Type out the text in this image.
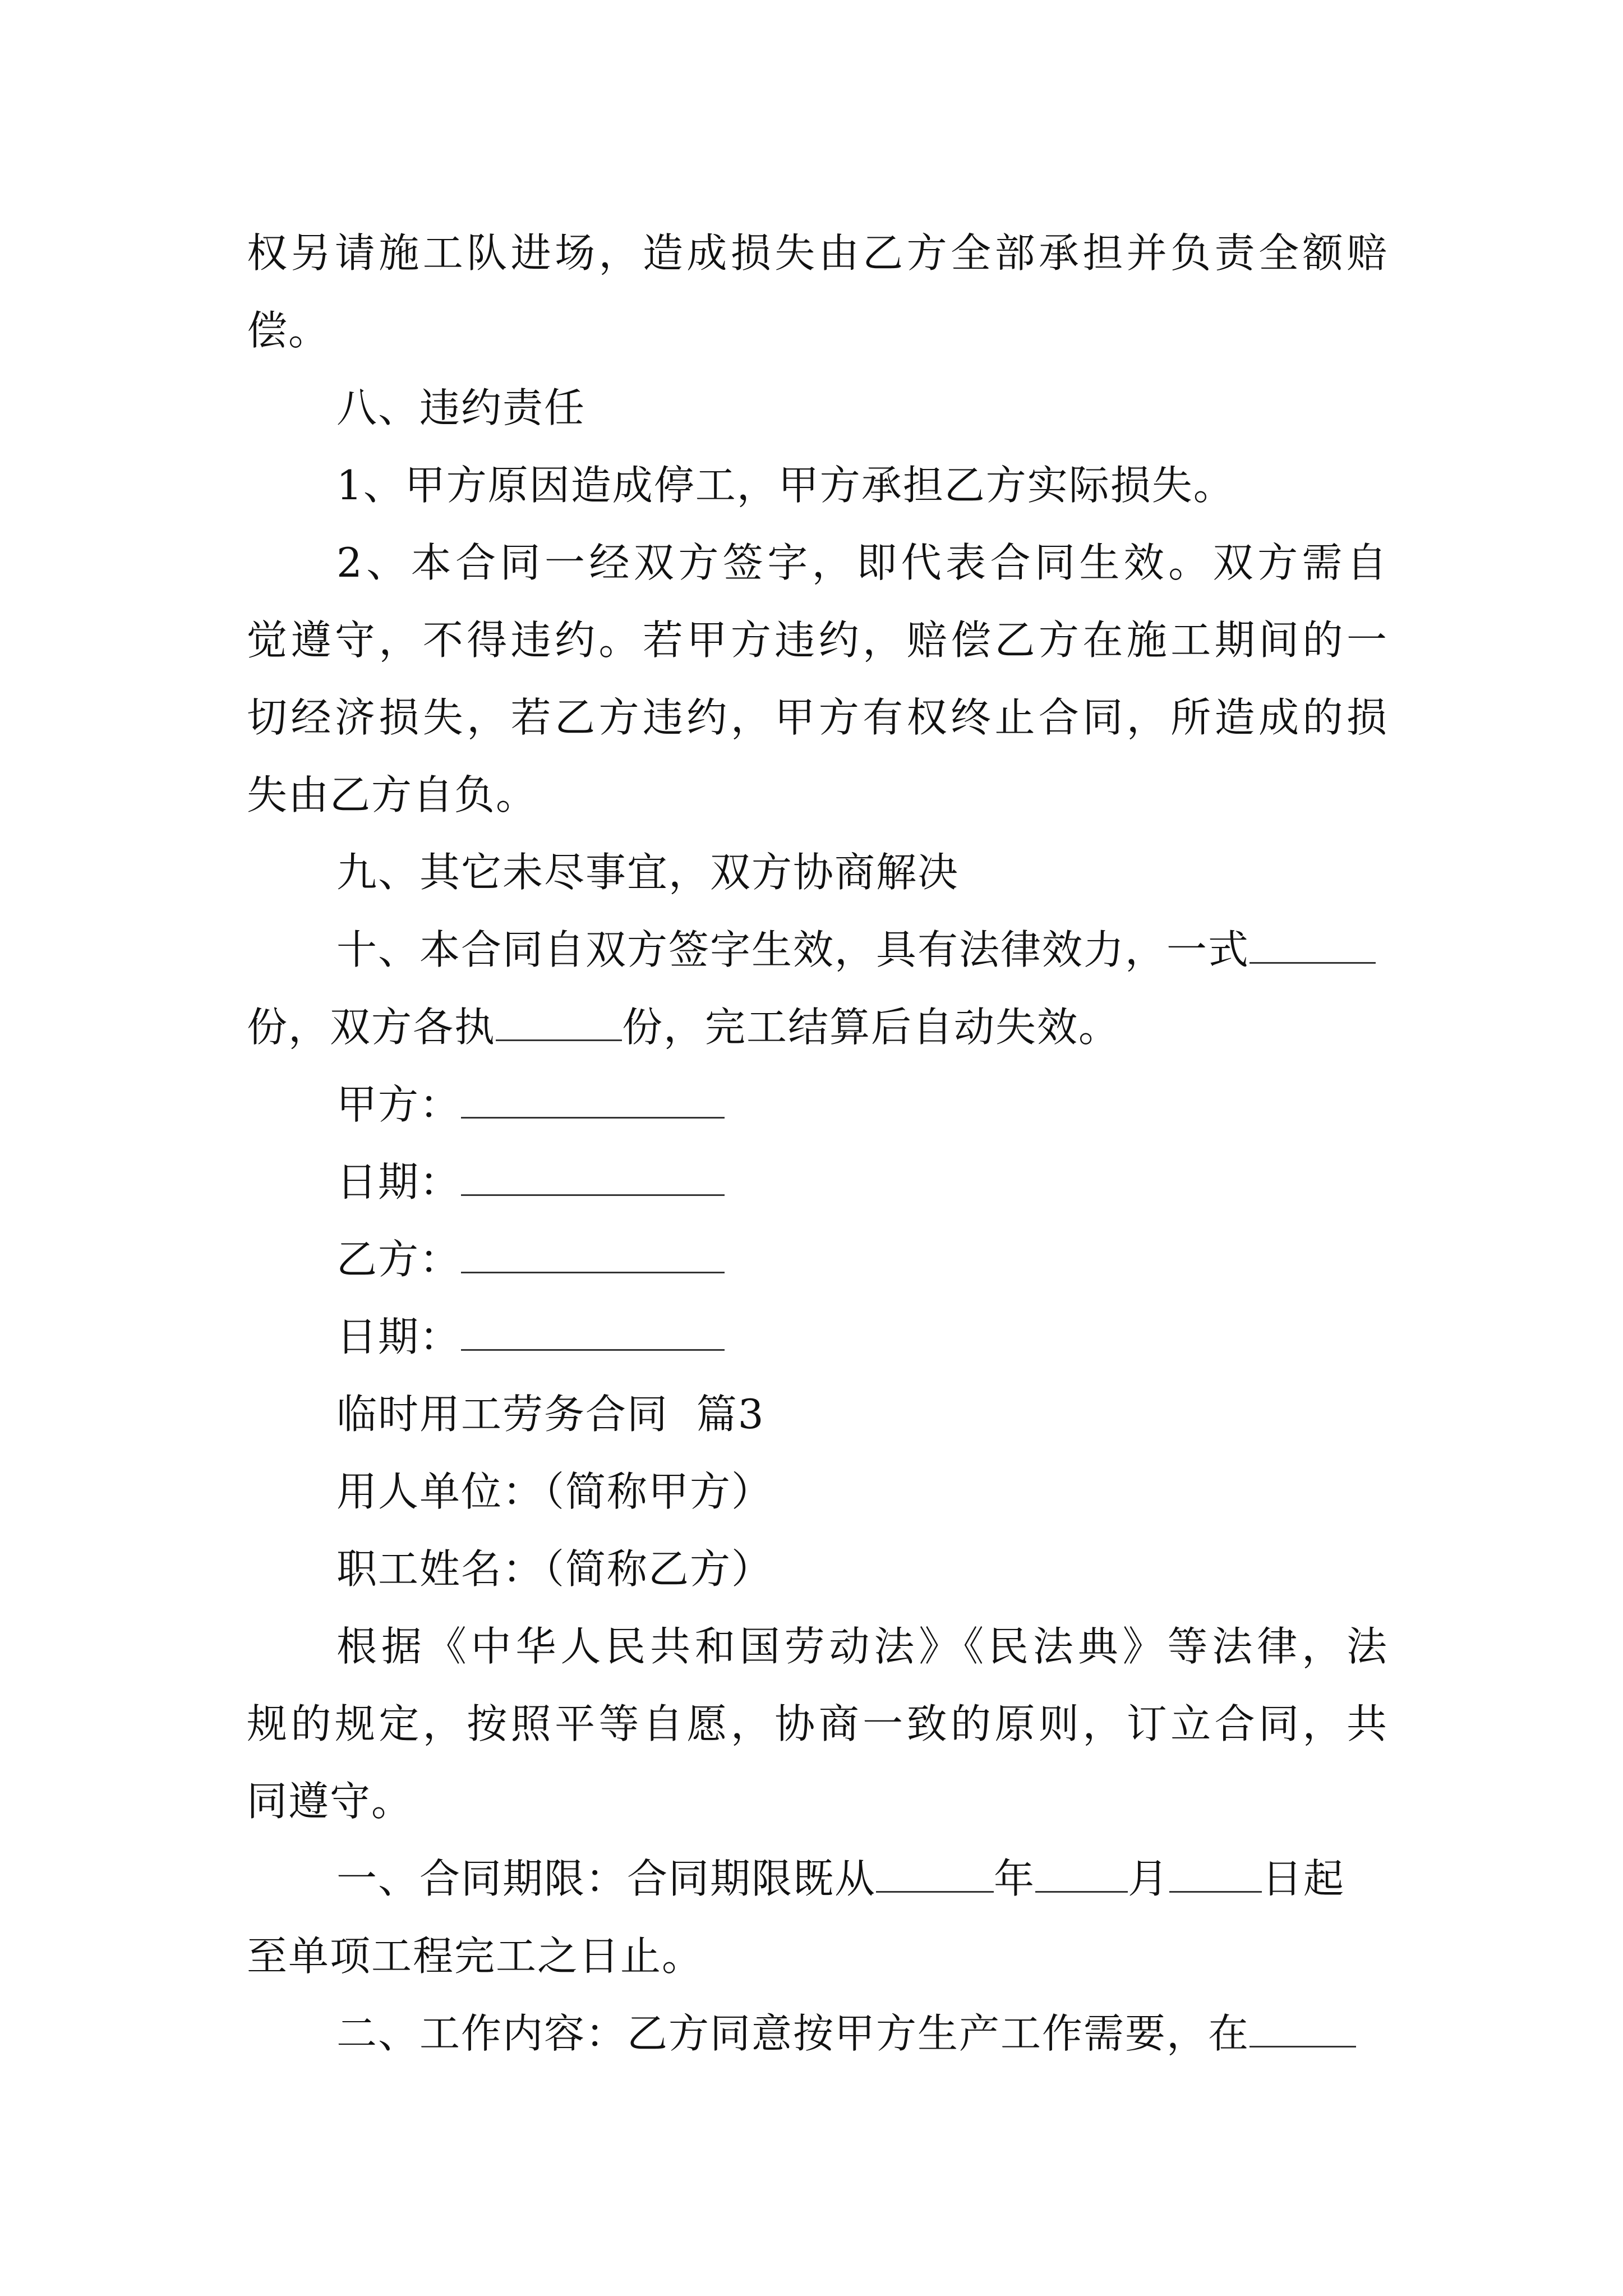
权另请施工队进场，造成损失由乙方全部承担并负责全额赔
偿。
八、违约责任
1、甲方原因造成停工，甲方承担乙方实际损失。
2、本合同一经双方签字，即代表合同生效。双方需自
觉遵守，不得违约。若甲方违约，赔偿乙方在施工期间的一
切经济损失，若乙方违约，甲方有权终止合同，所造成的损
失由乙方自负。
九、其它未尽事宜，双方协商解决
十、本合同自双方签字生效，具有法律效力，一式
份，双方各执	份，完工结算后自动失效。
甲方：
日期：
乙方：
日期：
临时用工劳务合同  篇3
用人单位：（简称甲方）
职工姓名：（简称乙方）
根据《中华人民共和国劳动法》《民法典》等法律，法
规的规定，按照平等自愿，协商一致的原则，订立合同，共
同遵守。
一、合同期限：合同期限既从	年 月 日起
至单项工程完工之日止。
二、工作内容：乙方同意按甲方生产工作需要，在
